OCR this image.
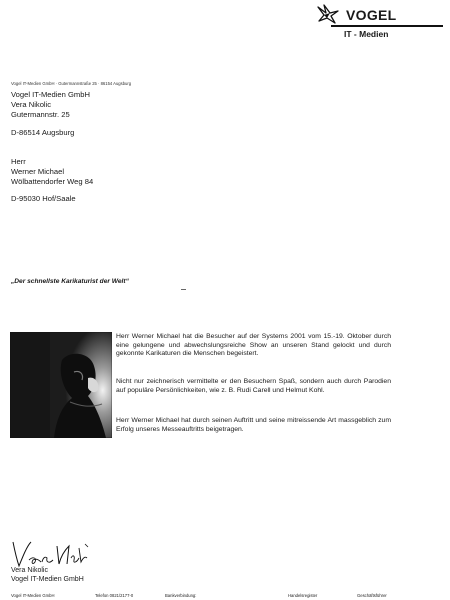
VOGEL
IT - Medien
Vogel IT-Medien GmbH · Gutermannstraße 25 · 86154 Augsburg
Vogel IT-Medien GmbH
Vera Nikolic
Gutermannstr. 25
D-86514 Augsburg
Herr
Werner Michael
Wölbattendorfer Weg 84
D-95030 Hof/Saale
„Der schnellste Karikaturist der Welt“
Herr Werner Michael hat die Besucher auf der Systems 2001 vom 15.-19. Oktober durch eine gelungene und abwechslungsreiche Show an unseren Stand gelockt und durch gekonnte Karikaturen die Menschen begeistert.
Nicht nur zeichnerisch vermittelte er den Besuchern Spaß, sondern auch durch Parodien auf populäre Persönlichkeiten, wie z. B. Rudi Carell und Helmut Kohl.
Herr Werner Michael hat durch seinen Auftritt und seine mitreissende Art massgeblich zum Erfolg unseres Messeauftritts beigetragen.
Vera Nikolic
Vogel IT-Medien GmbH
Vogel IT-Medien GmbH	Telefon 0821/2177-0	Bankverbindung:	Handelsregister	Geschäftsführer
